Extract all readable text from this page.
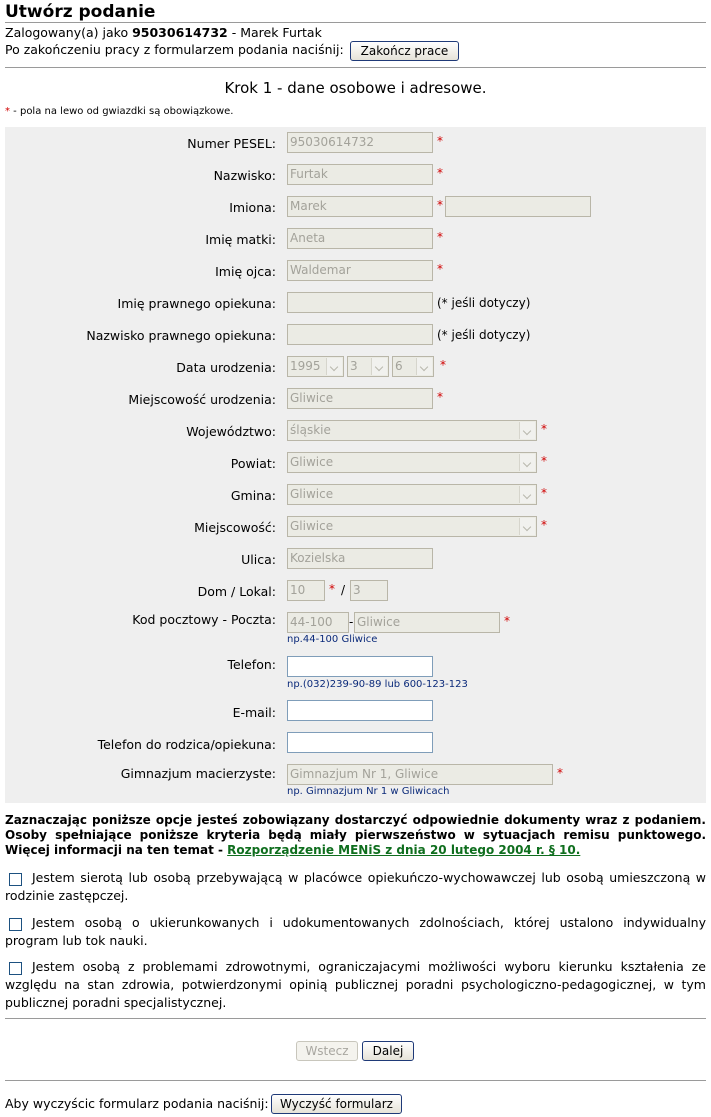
Utwórz podanie
Zalogowany(a) jako 95030614732 - Marek Furtak
Po zakończeniu pracy z formularzem podania naciśnij:	Zakończ prace
Krok 1 - dane osobowe i adresowe.
* - pola na lewo od gwiazdki są obowiązkowe.
Numer PESEL: 95030614732	*
Nazwisko: Furtak	*
Imiona: Marek	*
Imię matki: Aneta	*
Imię ojca: Waldemar	*
Imię prawnego opiekuna:	(* jeśli dotyczy)
Nazwisko prawnego opiekuna:	(* jeśli dotyczy)
Data urodzenia: 1995	3	6	*
Miejscowość urodzenia: Gliwice	*
Województwo: śląskie	*
Powiat: Gliwice	*
Gmina: Gliwice	*
Miejscowość: Gliwice	*
Ulica: Kozielska
Dom / Lokal: 10	* / 3
Kod pocztowy - Poczta: 44-100	- Gliwice	*
np.44-100 Gliwice
Telefon:
np.(032)239-90-89 lub 600-123-123
E-mail:
Telefon do rodzica/opiekuna:
Gimnazjum macierzyste: Gimnazjum Nr 1, Gliwice	*
np. Gimnazjum Nr 1 w Gliwicach
Zaznaczając poniższe opcje jesteś zobowiązany dostarczyć odpowiednie dokumenty wraz z podaniem. Osoby spełniające poniższe kryteria będą miały pierwszeństwo w sytuacjach remisu punktowego. Więcej informacji na ten temat - Rozporządzenie MENiS z dnia 20 lutego 2004 r. § 10.
Jestem sierotą lub osobą przebywającą w placówce opiekuńczo-wychowawczej lub osobą umieszczoną w rodzinie zastępczej.
Jestem osobą o ukierunkowanych i udokumentowanych zdolnościach, której ustalono indywidualny program lub tok nauki.
Jestem osobą z problemami zdrowotnymi, ograniczajacymi możliwości wyboru kierunku kształenia ze względu na stan zdrowia, potwierdzonymi opinią publicznej poradni psychologiczno-pedagogicznej, w tym publicznej poradni specjalistycznej.
Wstecz	Dalej
Aby wyczyścic formularz podania naciśnij: Wyczyść formularz
